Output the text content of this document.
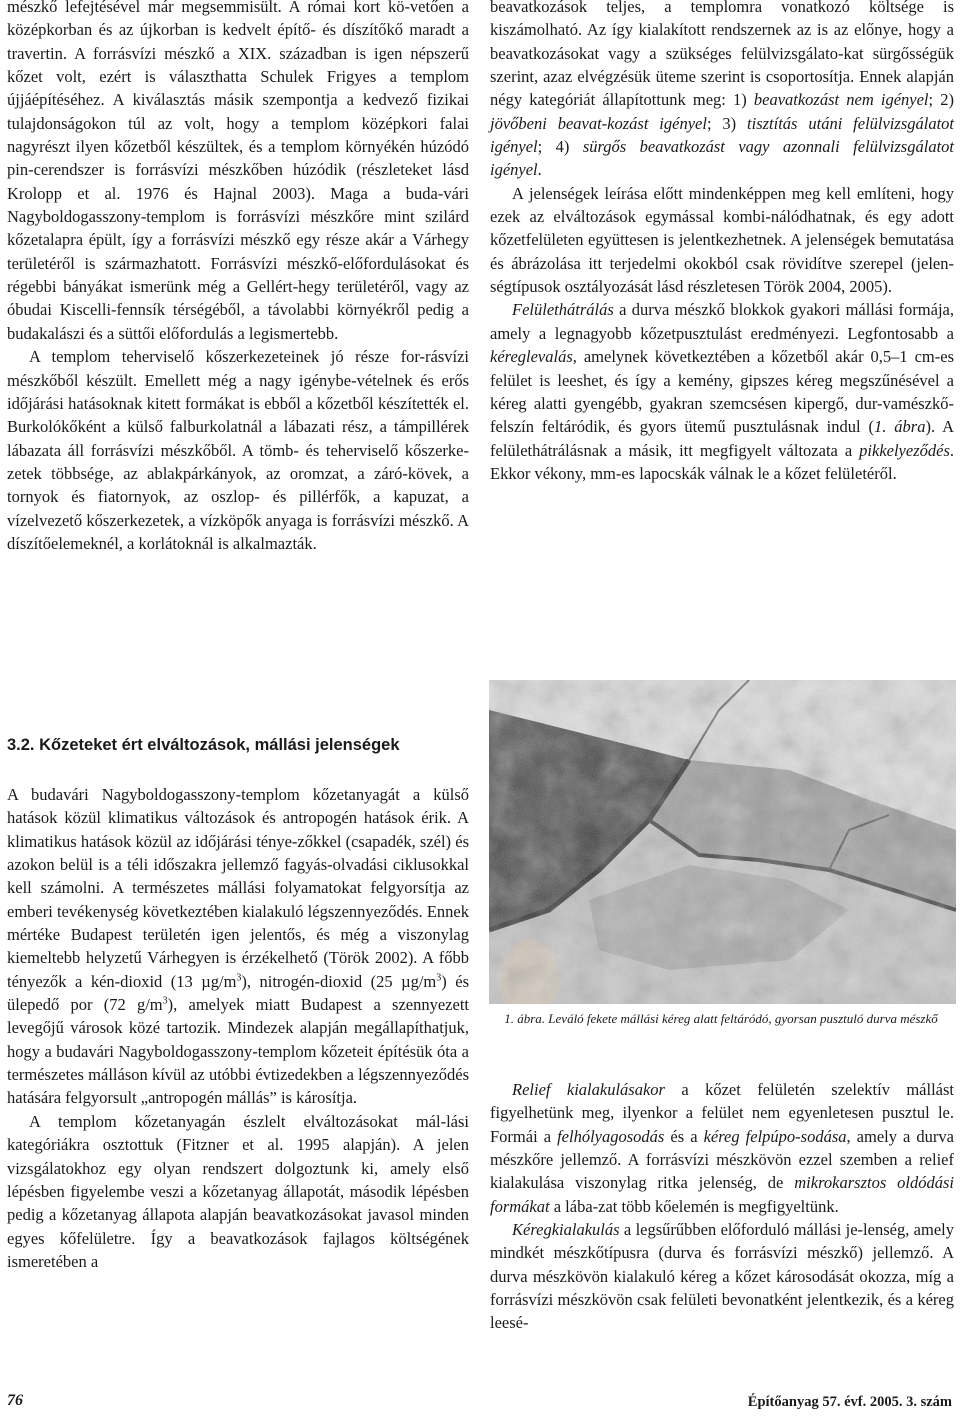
mészkő lefejtésével már megsemmisült. A római kort kö-vetően a középkorban és az újkorban is kedvelt építő- és díszítőkő maradt a travertin. A forrásvízi mészkő a XIX. században is igen népszerű kőzet volt, ezért is választhatta Schulek Frigyes a templom újjáépítéséhez. A kiválasztás másik szempontja a kedvező fizikai tulajdonságokon túl az volt, hogy a templom középkori falai nagyrészt ilyen kőzetből készültek, és a templom környékén húzódó pin-cerendszer is forrásvízi mészkőben húzódik (részleteket lásd Krolopp et al. 1976 és Hajnal 2003). Maga a buda-vári Nagyboldogasszony-templom is forrásvízi mészkőre mint szilárd kőzetalapra épült, így a forrásvízi mészkő egy része akár a Várhegy területéről is származhatott. Forrásvízi mészkő-előfordulásokat és régebbi bányákat ismerünk még a Gellért-hegy területéről, vagy az óbudai Kiscelli-fennsík térségéből, a távolabbi környékről pedig a budakalászi és a süttői előfordulás a legismertebb.

A templom teherviselő kőszerkezeteinek jó része for-rásvízi mészkőből készült. Emellett még a nagy igénybe-vételnek és erős időjárási hatásoknak kitett formákat is ebből a kőzetből készítették el. Burkolókőként a külső falburkolatnál a lábazati rész, a támpillérek lábazata áll forrásvízi mészkőből. A tömb- és teherviselő kőszerke-zetek többsége, az ablakpárkányok, az oromzat, a záró-kövek, a tornyok és fiatornyok, az oszlop- és pillérfők, a kapuzat, a vízelvezető kőszerkezetek, a vízköpők anyaga is forrásvízi mészkő. A díszítőelemeknél, a korlátoknál is alkalmazták.

3.2. Kőzeteket ért elváltozások, mállási jelenségek

A budavári Nagyboldogasszony-templom kőzetanyagát a külső hatások közül klimatikus változások és antropogén hatások érik. A klimatikus hatások közül az időjárási ténye-zőkkel (csapadék, szél) és azokon belül is a téli időszakra jellemző fagyás-olvadási ciklusokkal kell számolni. A természetes mállási folyamatokat felgyorsítja az emberi tevékenység következtében kialakuló légszennyeződés. Ennek mértéke Budapest területén igen jelentős, és még a viszonylag kiemeltebb helyzetű Várhegyen is érzékelhető (Török 2002). A főbb tényezők a kén-dioxid (13 $\mu g/m^3$), nitrogén-dioxid (25 $\mu g/m^3$) és ülepedő por (72 $g/m^3$), amelyek miatt Budapest a szennyezett levegőjű városok közé tartozik. Mindezek alapján megállapíthatjuk, hogy a budavári Nagyboldogasszony-templom kőzeteit építésük óta a természetes málláson kívül az utóbbi évtizedekben a légszennyeződés hatására felgyorsult „antropogén mállás” is károsítja.

A templom kőzetanyagán észlelt elváltozásokat mál-lási kategóriákra osztottuk (Fitzner et al. 1995 alapján). A jelen vizsgálatokhoz egy olyan rendszert dolgoztunk ki, amely első lépésben figyelembe veszi a kőzetanyag állapotát, második lépésben pedig a kőzetanyag állapota alapján beavatkozásokat javasol minden egyes kőfelületre. Így a beavatkozások fajlagos költségének ismeretében a

beavatkozások teljes, a templomra vonatkozó költsége is kiszámolható. Az így kialakított rendszernek az is az előnye, hogy a beavatkozásokat vagy a szükséges felülvizsgálato-kat sürgősségük szerint, azaz elvégzésük üteme szerint is csoportosítja. Ennek alapján négy kategóriát állapítottunk meg: 1) beavatkozást nem igényel; 2) jövőbeni beavat-kozást igényel; 3) tisztítás utáni felülvizsgálatot igényel; 4) sürgős beavatkozást vagy azonnali felülvizsgálatot igényel.

A jelenségek leírása előtt mindenképpen meg kell említeni, hogy ezek az elváltozások egymással kombi-nálódhatnak, és egy adott kőzetfelületen együttesen is jelentkezhetnek. A jelenségek bemutatása és ábrázolása itt terjedelmi okokból csak rövidítve szerepel (jelen-ségtípusok osztályozását lásd részletesen Török 2004, 2005).

Felülethátrálás a durva mészkő blokkok gyakori mállási formája, amely a legnagyobb kőzetpusztulást eredményezi. Legfontosabb a kéreglevalás, amelynek következtében a kőzetből akár 0,5–1 cm-es felület is leeshet, és így a kemény, gipszes kéreg megszűnésével a kéreg alatti gyengébb, gyakran szemcsésen kipergő, dur-vamészkő-felszín feltáródik, és gyors ütemű pusztulásnak indul (1. ábra). A felülethátrálásnak a másik, itt megfigyelt változata a pikkelyeződés. Ekkor vékony, mm-es lapocskák válnak le a kőzet felületéről.

1. ábra. Leváló fekete mállási kéreg alatt feltáródó, gyorsan pusztuló durva mészkő

Relief kialakulásakor a kőzet felületén szelektív mállást figyelhetünk meg, ilyenkor a felület nem egyenletesen pusztul le. Formái a felhólyagosodás és a kéreg felpúpo-sodása, amely a durva mészkőre jellemző. A forrásvízi mészkövön ezzel szemben a relief kialakulása viszonylag ritka jelenség, de mikrokarsztos oldódási formákat a lába-zat több kőelemén is megfigyeltünk.

Kéregkialakulás a legsűrűbben előforduló mállási je-lenség, amely mindkét mészkőtípusra (durva és forrásvízi mészkő) jellemző. A durva mészkövön kialakuló kéreg a kőzet károsodását okozza, míg a forrásvízi mészkövön csak felületi bevonatként jelentkezik, és a kéreg leesé-

76	Építőanyag 57. évf. 2005. 3. szám
